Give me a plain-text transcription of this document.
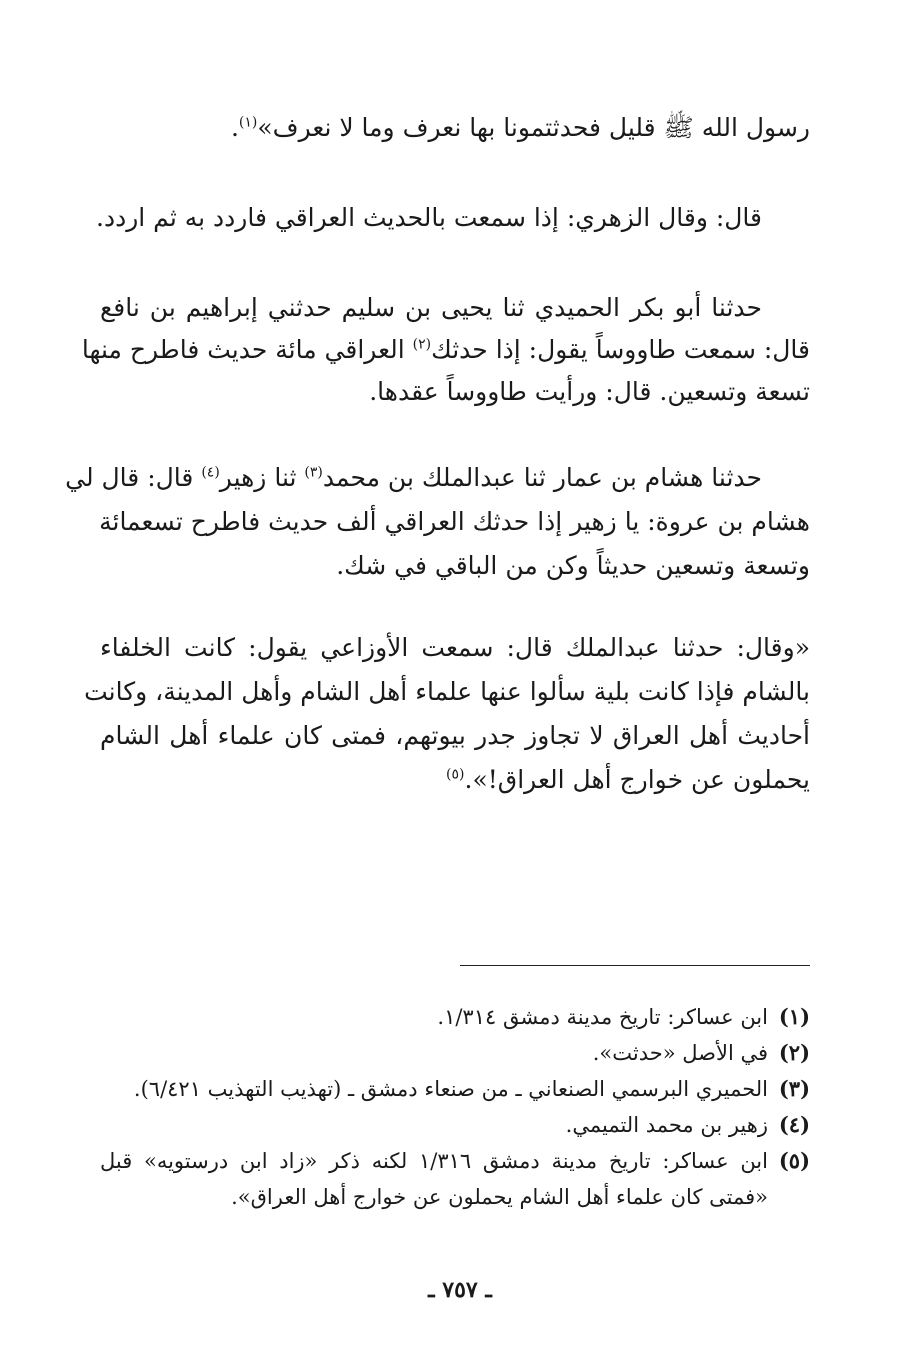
رسول الله ﷺ قليل فحدثتمونا بها نعرف وما لا نعرف»$^{(١)}$.
قال: وقال الزهري: إذا سمعت بالحديث العراقي فاردد به ثم اردد.
حدثنا أبو بكر الحميدي ثنا يحيى بن سليم حدثني إبراهيم بن نافع
قال: سمعت طاووساً يقول: إذا حدثك$^{(٢)}$ العراقي مائة حديث فاطرح منها
تسعة وتسعين. قال: ورأيت طاووساً عقدها.
حدثنا هشام بن عمار ثنا عبدالملك بن محمد$^{(٣)}$ ثنا زهير$^{(٤)}$ قال: قال لي
هشام بن عروة: يا زهير إذا حدثك العراقي ألف حديث فاطرح تسعمائة
وتسعة وتسعين حديثاً وكن من الباقي في شك.
«وقال: حدثنا عبدالملك قال: سمعت الأوزاعي يقول: كانت الخلفاء
بالشام فإذا كانت بلية سألوا عنها علماء أهل الشام وأهل المدينة، وكانت
أحاديث أهل العراق لا تجاوز جدر بيوتهم، فمتى كان علماء أهل الشام
يحملون عن خوارج أهل العراق!».$^{(٥)}$
(١)ابن عساكر: تاريخ مدينة دمشق ١/٣١٤.
(٢)في الأصل «حدثت».
(٣)الحميري البرسمي الصنعاني ـ من صنعاء دمشق ـ (تهذيب التهذيب ٦/٤٢١).
(٤)زهير بن محمد التميمي.
(٥)ابن عساكر: تاريخ مدينة دمشق ١/٣١٦ لكنه ذكر «زاد ابن درستويه» قبل
«فمتى كان علماء أهل الشام يحملون عن خوارج أهل العراق».
ـ ٧٥٧ ـ
